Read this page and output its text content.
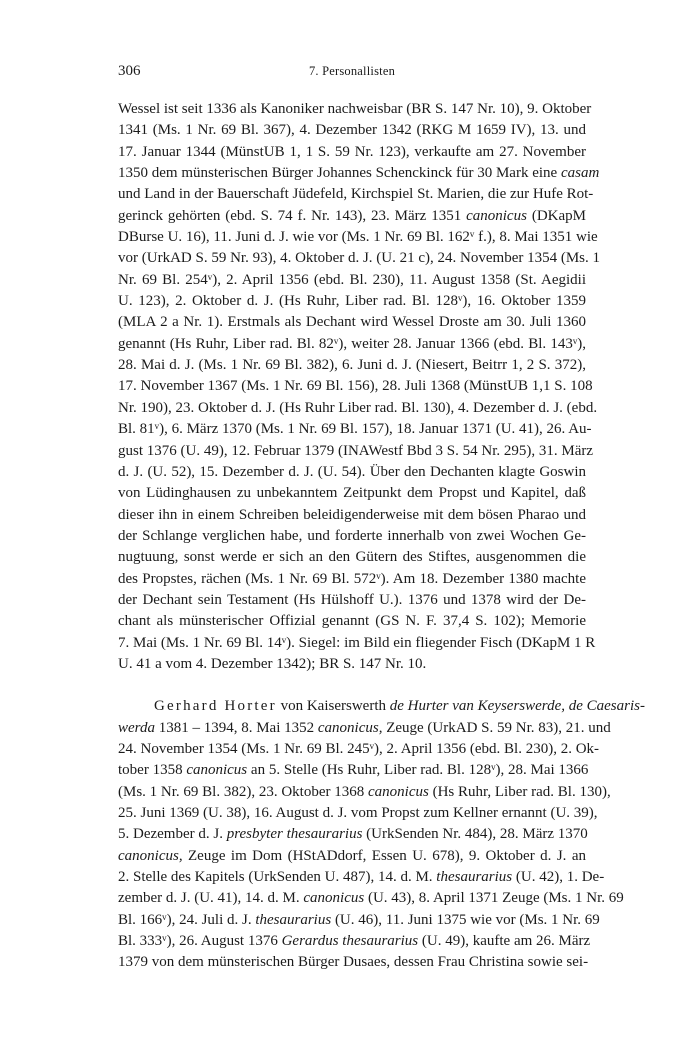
306	7. Personallisten

Wessel ist seit 1336 als Kanoniker nachweisbar (BR S. 147 Nr. 10), 9. Oktober

1341 (Ms. 1 Nr. 69 Bl. 367), 4. Dezember 1342 (RKG M 1659 IV), 13. und

17. Januar 1344 (MünstUB 1, 1 S. 59 Nr. 123), verkaufte am 27. November

1350 dem münsterischen Bürger Johannes Schenckinck für 30 Mark eine casam

und Land in der Bauerschaft Jüdefeld, Kirchspiel St. Marien, die zur Hufe Rot-

gerinck gehörten (ebd. S. 74 f. Nr. 143), 23. März 1351 canonicus (DKapM

DBurse U. 16), 11. Juni d. J. wie vor (Ms. 1 Nr. 69 Bl. 162ᵛ f.), 8. Mai 1351 wie

vor (UrkAD S. 59 Nr. 93), 4. Oktober d. J. (U. 21 c), 24. November 1354 (Ms. 1

Nr. 69 Bl. 254ᵛ), 2. April 1356 (ebd. Bl. 230), 11. August 1358 (St. Aegidii

U. 123), 2. Oktober d. J. (Hs Ruhr, Liber rad. Bl. 128ᵛ), 16. Oktober 1359

(MLA 2 a Nr. 1). Erstmals als Dechant wird Wessel Droste am 30. Juli 1360

genannt (Hs Ruhr, Liber rad. Bl. 82ᵛ), weiter 28. Januar 1366 (ebd. Bl. 143ᵛ),

28. Mai d. J. (Ms. 1 Nr. 69 Bl. 382), 6. Juni d. J. (Niesert, Beitrr 1, 2 S. 372),

17. November 1367 (Ms. 1 Nr. 69 Bl. 156), 28. Juli 1368 (MünstUB 1,1 S. 108

Nr. 190), 23. Oktober d. J. (Hs Ruhr Liber rad. Bl. 130), 4. Dezember d. J. (ebd.

Bl. 81ᵛ), 6. März 1370 (Ms. 1 Nr. 69 Bl. 157), 18. Januar 1371 (U. 41), 26. Au-

gust 1376 (U. 49), 12. Februar 1379 (INAWestf Bbd 3 S. 54 Nr. 295), 31. März

d. J. (U. 52), 15. Dezember d. J. (U. 54). Über den Dechanten klagte Goswin

von Lüdinghausen zu unbekanntem Zeitpunkt dem Propst und Kapitel, daß

dieser ihn in einem Schreiben beleidigenderweise mit dem bösen Pharao und

der Schlange verglichen habe, und forderte innerhalb von zwei Wochen Ge-

nugtuung, sonst werde er sich an den Gütern des Stiftes, ausgenommen die

des Propstes, rächen (Ms. 1 Nr. 69 Bl. 572ᵛ). Am 18. Dezember 1380 machte

der Dechant sein Testament (Hs Hülshoff U.). 1376 und 1378 wird der De-

chant als münsterischer Offizial genannt (GS N. F. 37,4 S. 102); Memorie

7. Mai (Ms. 1 Nr. 69 Bl. 14ᵛ). Siegel: im Bild ein fliegender Fisch (DKapM 1 R

U. 41 a vom 4. Dezember 1342); BR S. 147 Nr. 10.

Gerhard Horter von Kaiserswerth de Hurter van Keyserswerde, de Caesaris-

werda 1381 – 1394, 8. Mai 1352 canonicus, Zeuge (UrkAD S. 59 Nr. 83), 21. und

24. November 1354 (Ms. 1 Nr. 69 Bl. 245ᵛ), 2. April 1356 (ebd. Bl. 230), 2. Ok-

tober 1358 canonicus an 5. Stelle (Hs Ruhr, Liber rad. Bl. 128ᵛ), 28. Mai 1366

(Ms. 1 Nr. 69 Bl. 382), 23. Oktober 1368 canonicus (Hs Ruhr, Liber rad. Bl. 130),

25. Juni 1369 (U. 38), 16. August d. J. vom Propst zum Kellner ernannt (U. 39),

5. Dezember d. J. presbyter thesaurarius (UrkSenden Nr. 484), 28. März 1370

canonicus, Zeuge im Dom (HStADdorf, Essen U. 678), 9. Oktober d. J. an

2. Stelle des Kapitels (UrkSenden U. 487), 14. d. M. thesaurarius (U. 42), 1. De-

zember d. J. (U. 41), 14. d. M. canonicus (U. 43), 8. April 1371 Zeuge (Ms. 1 Nr. 69

Bl. 166ᵛ), 24. Juli d. J. thesaurarius (U. 46), 11. Juni 1375 wie vor (Ms. 1 Nr. 69

Bl. 333ᵛ), 26. August 1376 Gerardus thesaurarius (U. 49), kaufte am 26. März

1379 von dem münsterischen Bürger Dusaes, dessen Frau Christina sowie sei-
